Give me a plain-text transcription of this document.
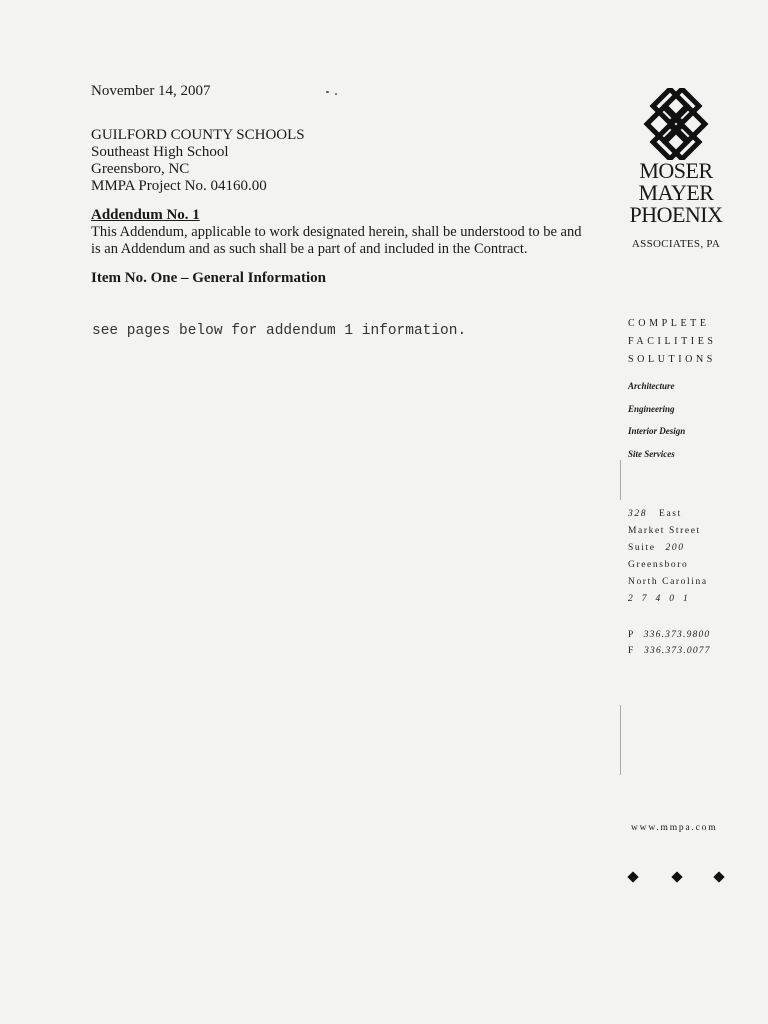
November 14, 2007
GUILFORD COUNTY SCHOOLS
Southeast High School
Greensboro, NC
MMPA Project No. 04160.00
Addendum No. 1
This Addendum, applicable to work designated herein, shall be understood to be and is an Addendum and as such shall be a part of and included in the Contract.
Item No. One – General Information
see pages below for addendum 1 information.
MOSER
MAYER
PHOENIX
ASSOCIATES, PA
COMPLETE
FACILITIES
SOLUTIONS
Architecture
Engineering
Interior Design
Site Services
328 East
Market Street
Suite 200
Greensboro
North Carolina
27401
P 336.373.9800
F 336.373.0077
www.mmpa.com
